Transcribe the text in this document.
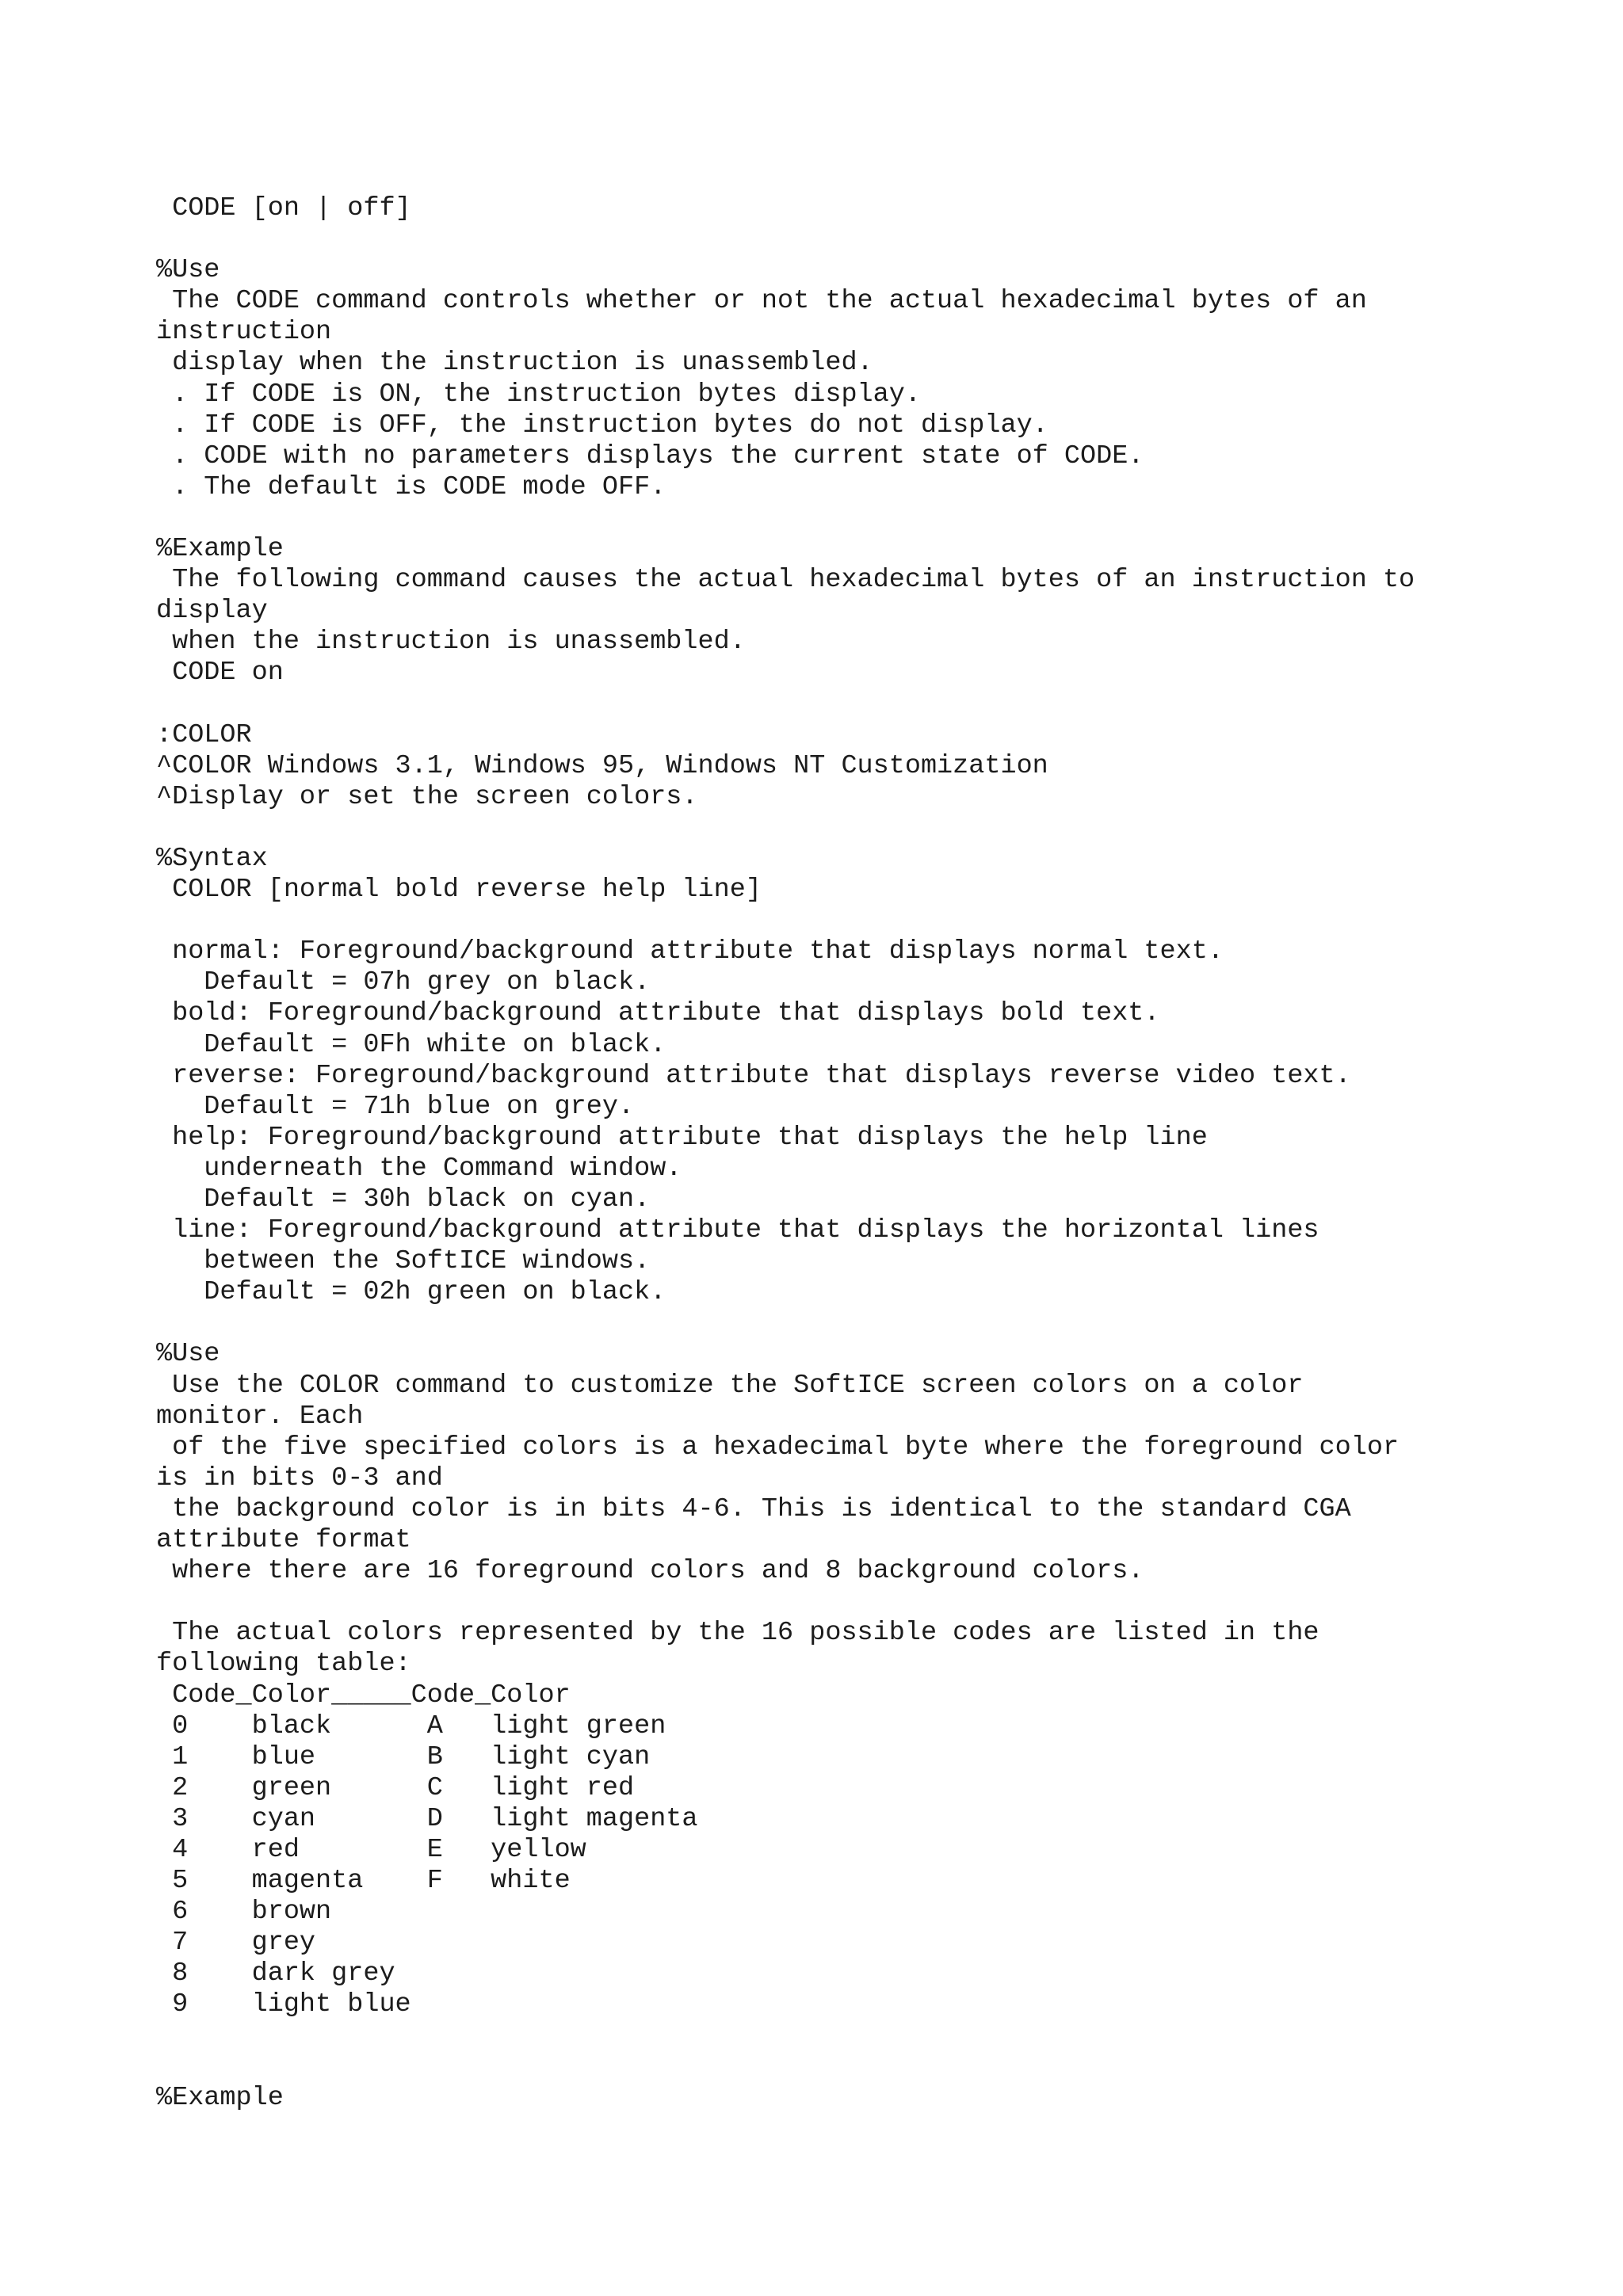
CODE [on | off]
%Use
The CODE command controls whether or not the actual hexadecimal bytes of an
instruction
display when the instruction is unassembled.
. If CODE is ON, the instruction bytes display.
. If CODE is OFF, the instruction bytes do not display.
. CODE with no parameters displays the current state of CODE.
. The default is CODE mode OFF.
%Example
The following command causes the actual hexadecimal bytes of an instruction to
display
when the instruction is unassembled.
CODE on
:COLOR
^COLOR Windows 3.1, Windows 95, Windows NT Customization
^Display or set the screen colors.
%Syntax
COLOR [normal bold reverse help line]
normal: Foreground/background attribute that displays normal text.
Default = 07h grey on black.
bold: Foreground/background attribute that displays bold text.
Default = 0Fh white on black.
reverse: Foreground/background attribute that displays reverse video text.
Default = 71h blue on grey.
help: Foreground/background attribute that displays the help line
underneath the Command window.
Default = 30h black on cyan.
line: Foreground/background attribute that displays the horizontal lines
between the SoftICE windows.
Default = 02h green on black.
%Use
Use the COLOR command to customize the SoftICE screen colors on a color
monitor. Each
of the five specified colors is a hexadecimal byte where the foreground color
is in bits 0-3 and
the background color is in bits 4-6. This is identical to the standard CGA
attribute format
where there are 16 foreground colors and 8 background colors.
The actual colors represented by the 16 possible codes are listed in the
following table:
Code_Color_____Code_Color
0    black      A   light green
1    blue       B   light cyan
2    green      C   light red
3    cyan       D   light magenta
4    red        E   yellow
5    magenta    F   white
6    brown
7    grey
8    dark grey
9    light blue
%Example
